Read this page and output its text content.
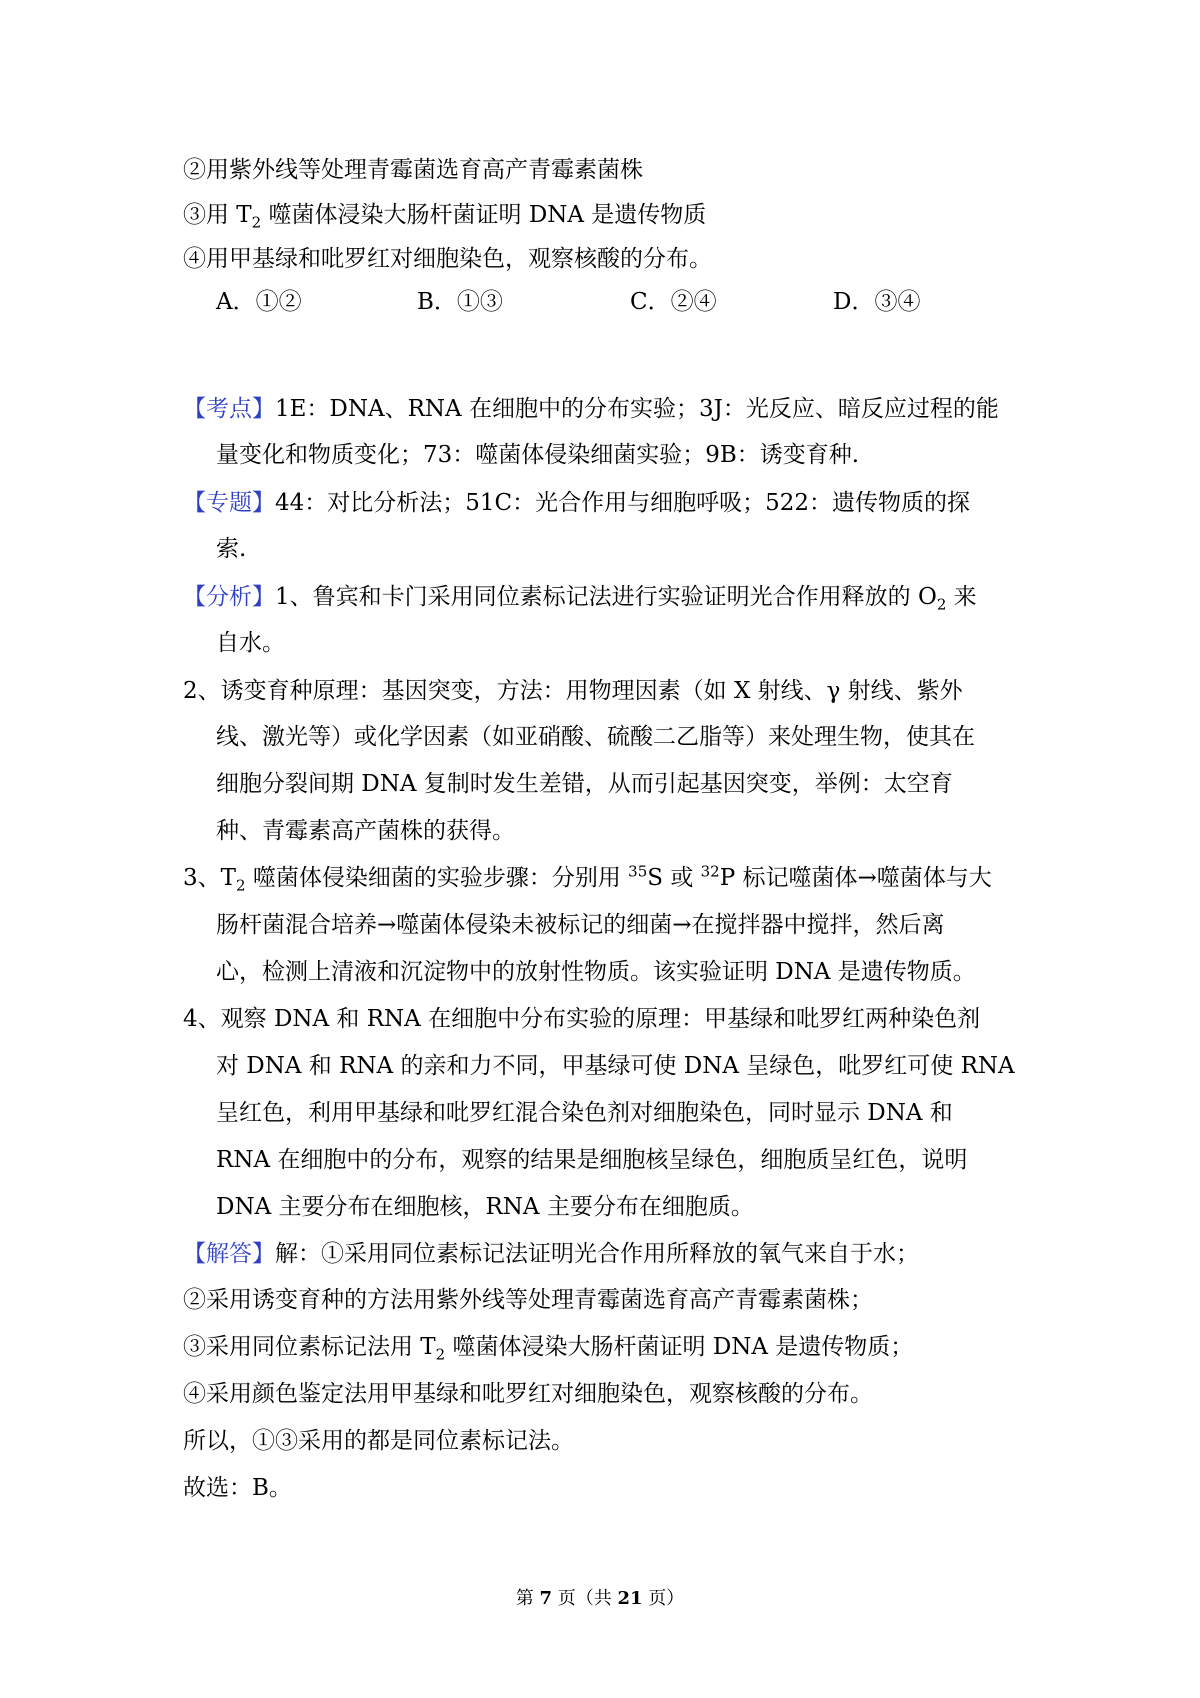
②用紫外线等处理青霉菌选育高产青霉素菌株
③用 $T_2$ 噬菌体浸染大肠杆菌证明 DNA 是遗传物质
④用甲基绿和吡罗红对细胞染色，观察核酸的分布。
A．①②	B．①③	C．②④	D．③④
【考点】1E：DNA、RNA 在细胞中的分布实验；3J：光反应、暗反应过程的能
量变化和物质变化；73：噬菌体侵染细菌实验；9B：诱变育种.
【专题】44：对比分析法；51C：光合作用与细胞呼吸；522：遗传物质的探
索.
【分析】1、鲁宾和卡门采用同位素标记法进行实验证明光合作用释放的 $O_2$ 来
自水。
2、诱变育种原理：基因突变，方法：用物理因素（如 X 射线、γ 射线、紫外
线、激光等）或化学因素（如亚硝酸、硫酸二乙脂等）来处理生物，使其在
细胞分裂间期 DNA 复制时发生差错，从而引起基因突变，举例：太空育
种、青霉素高产菌株的获得。
3、$T_2$ 噬菌体侵染细菌的实验步骤：分别用 $^{35}$S 或 $^{32}$P 标记噬菌体→噬菌体与大
肠杆菌混合培养→噬菌体侵染未被标记的细菌→在搅拌器中搅拌，然后离
心，检测上清液和沉淀物中的放射性物质。该实验证明 DNA 是遗传物质。
4、观察 DNA 和 RNA 在细胞中分布实验的原理：甲基绿和吡罗红两种染色剂
对 DNA 和 RNA 的亲和力不同，甲基绿可使 DNA 呈绿色，吡罗红可使 RNA
呈红色，利用甲基绿和吡罗红混合染色剂对细胞染色，同时显示 DNA 和
RNA 在细胞中的分布，观察的结果是细胞核呈绿色，细胞质呈红色，说明
DNA 主要分布在细胞核，RNA 主要分布在细胞质。
【解答】解：①采用同位素标记法证明光合作用所释放的氧气来自于水；
②采用诱变育种的方法用紫外线等处理青霉菌选育高产青霉素菌株；
③采用同位素标记法用 $T_2$ 噬菌体浸染大肠杆菌证明 DNA 是遗传物质；
④采用颜色鉴定法用甲基绿和吡罗红对细胞染色，观察核酸的分布。
所以，①③采用的都是同位素标记法。
故选：B。
第 7 页（共 21 页）
